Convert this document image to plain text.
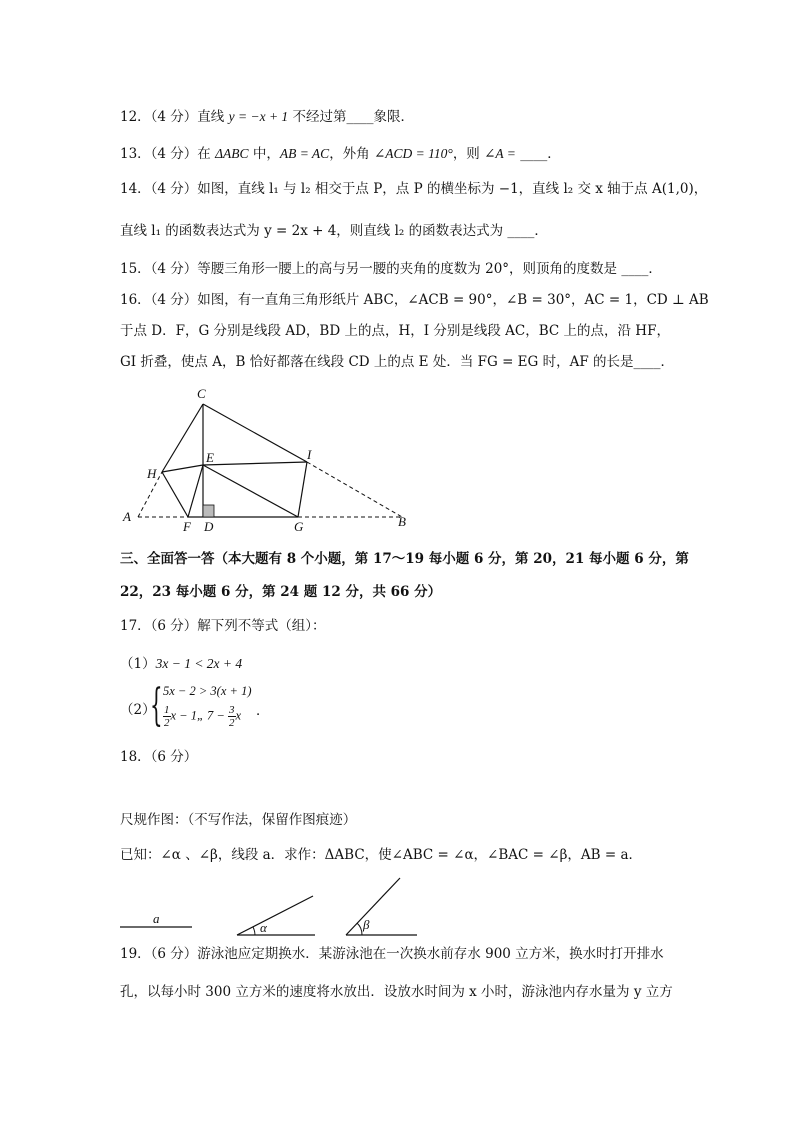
12．（4 分）直线 y = −x + 1 不经过第____象限．
13．（4 分）在 ΔABC 中，AB = AC，外角 ∠ACD = 110°，则 ∠A = ____．
14．（4 分）如图，直线 l₁ 与 l₂ 相交于点 P，点 P 的横坐标为 −1，直线 l₂ 交 x 轴于点 A(1,0)，
直线 l₁ 的函数表达式为 y = 2x + 4，则直线 l₂ 的函数表达式为 ____．
15．（4 分）等腰三角形一腰上的高与另一腰的夹角的度数为 20°，则顶角的度数是 ____．
16．（4 分）如图，有一直角三角形纸片 ABC，∠ACB = 90°，∠B = 30°，AC = 1，CD ⊥ AB
于点 D．F，G 分别是线段 AD，BD 上的点，H，I 分别是线段 AC，BC 上的点，沿 HF，
GI 折叠，使点 A，B 恰好都落在线段 CD 上的点 E 处．当 FG = EG 时，AF 的长是____．
A	B
C
D
E
F	G
H
I
三、全面答一答（本大题有 8 个小题，第 17～19 每小题 6 分，第 20，21 每小题 6 分，第
22，23 每小题 6 分，第 24 题 12 分，共 66 分）
17．（6 分）解下列不等式（组）：
（1）3x − 1 < 2x + 4
（2）
{ 5x − 2 > 3(x + 1)
$\frac{1}{2}$ x − 1„ $7 - \frac{3}{2}$ x ．
18．（6 分）
尺规作图：（不写作法，保留作图痕迹）
已知：∠α 、∠β，线段 a．求作：ΔABC，使∠ABC = ∠α，∠BAC = ∠β，AB = a．
a
α	β
19．（6 分）游泳池应定期换水．某游泳池在一次换水前存水 900 立方米，换水时打开排水
孔，以每小时 300 立方米的速度将水放出．设放水时间为 x 小时，游泳池内存水量为 y 立方
